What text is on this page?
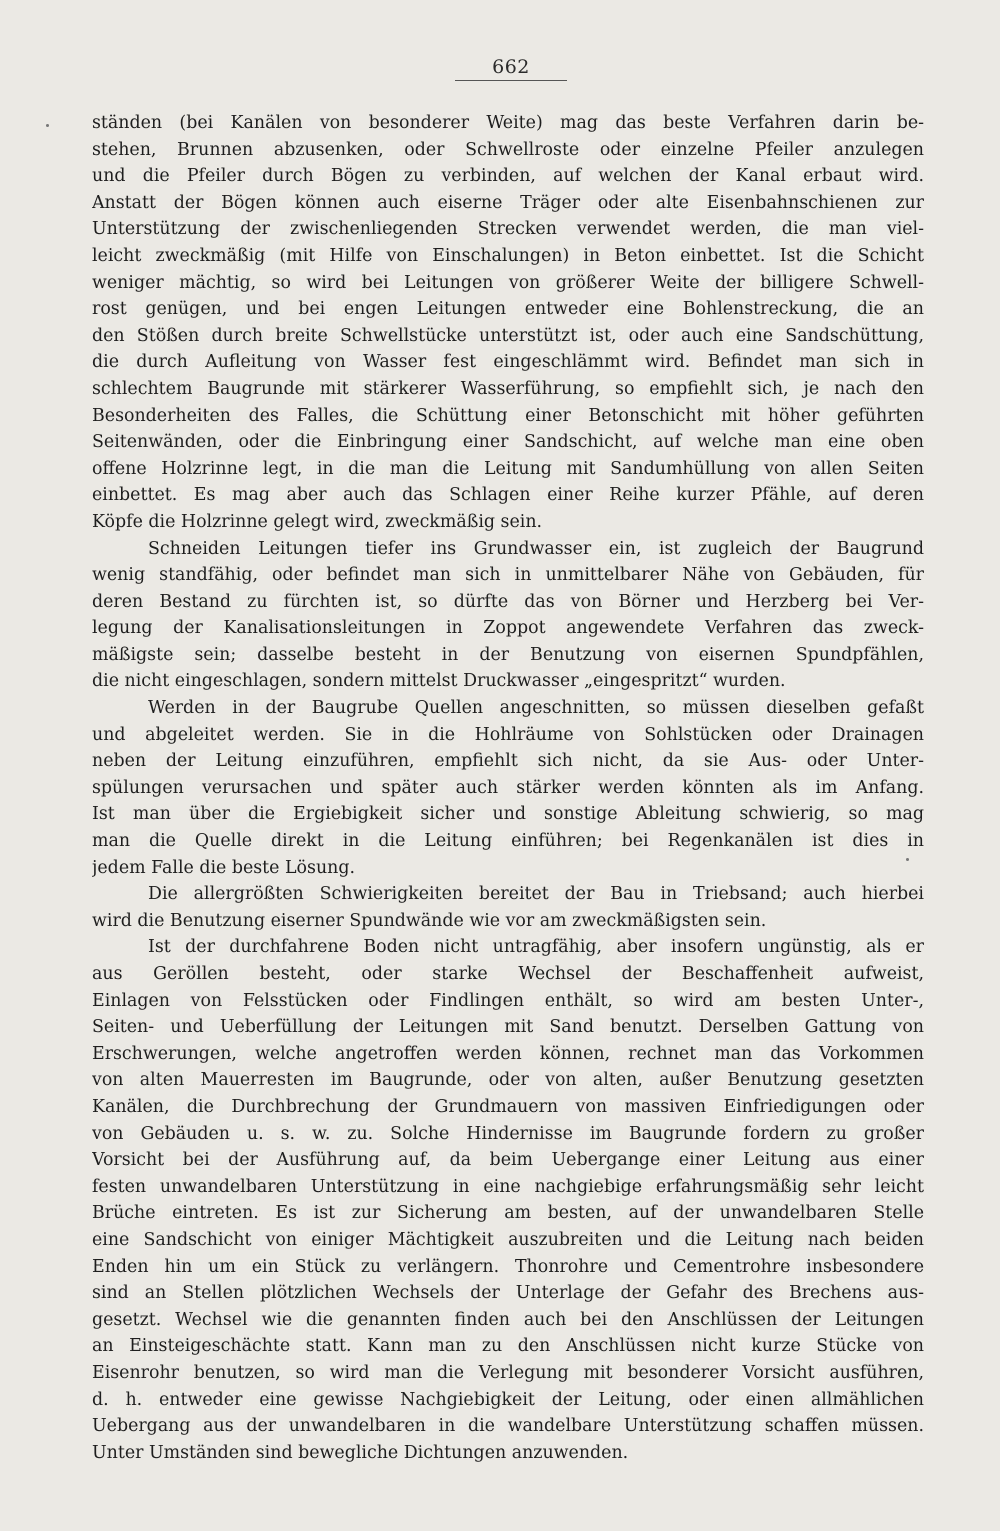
662
ständen (bei Kanälen von besonderer Weite) mag das beste Verfahren darin be-
stehen, Brunnen abzusenken, oder Schwellroste oder einzelne Pfeiler anzulegen
und die Pfeiler durch Bögen zu verbinden, auf welchen der Kanal erbaut wird.
Anstatt der Bögen können auch eiserne Träger oder alte Eisenbahnschienen zur
Unterstützung der zwischenliegenden Strecken verwendet werden, die man viel-
leicht zweckmäßig (mit Hilfe von Einschalungen) in Beton einbettet. Ist die Schicht
weniger mächtig, so wird bei Leitungen von größerer Weite der billigere Schwell-
rost genügen, und bei engen Leitungen entweder eine Bohlenstreckung, die an
den Stößen durch breite Schwellstücke unterstützt ist, oder auch eine Sandschüttung,
die durch Aufleitung von Wasser fest eingeschlämmt wird. Befindet man sich in
schlechtem Baugrunde mit stärkerer Wasserführung, so empfiehlt sich, je nach den
Besonderheiten des Falles, die Schüttung einer Betonschicht mit höher geführten
Seitenwänden, oder die Einbringung einer Sandschicht, auf welche man eine oben
offene Holzrinne legt, in die man die Leitung mit Sandumhüllung von allen Seiten
einbettet. Es mag aber auch das Schlagen einer Reihe kurzer Pfähle, auf deren
Köpfe die Holzrinne gelegt wird, zweckmäßig sein.
Schneiden Leitungen tiefer ins Grundwasser ein, ist zugleich der Baugrund
wenig standfähig, oder befindet man sich in unmittelbarer Nähe von Gebäuden, für
deren Bestand zu fürchten ist, so dürfte das von Börner und Herzberg bei Ver-
legung der Kanalisationsleitungen in Zoppot angewendete Verfahren das zweck-
mäßigste sein; dasselbe besteht in der Benutzung von eisernen Spundpfählen,
die nicht eingeschlagen, sondern mittelst Druckwasser „eingespritzt“ wurden.
Werden in der Baugrube Quellen angeschnitten, so müssen dieselben gefaßt
und abgeleitet werden. Sie in die Hohlräume von Sohlstücken oder Drainagen
neben der Leitung einzuführen, empfiehlt sich nicht, da sie Aus- oder Unter-
spülungen verursachen und später auch stärker werden könnten als im Anfang.
Ist man über die Ergiebigkeit sicher und sonstige Ableitung schwierig, so mag
man die Quelle direkt in die Leitung einführen; bei Regenkanälen ist dies in
jedem Falle die beste Lösung.
Die allergrößten Schwierigkeiten bereitet der Bau in Triebsand; auch hierbei
wird die Benutzung eiserner Spundwände wie vor am zweckmäßigsten sein.
Ist der durchfahrene Boden nicht untragfähig, aber insofern ungünstig, als er
aus Geröllen besteht, oder starke Wechsel der Beschaffenheit aufweist,
Einlagen von Felsstücken oder Findlingen enthält, so wird am besten Unter-,
Seiten- und Ueberfüllung der Leitungen mit Sand benutzt. Derselben Gattung von
Erschwerungen, welche angetroffen werden können, rechnet man das Vorkommen
von alten Mauerresten im Baugrunde, oder von alten, außer Benutzung gesetzten
Kanälen, die Durchbrechung der Grundmauern von massiven Einfriedigungen oder
von Gebäuden u. s. w. zu. Solche Hindernisse im Baugrunde fordern zu großer
Vorsicht bei der Ausführung auf, da beim Uebergange einer Leitung aus einer
festen unwandelbaren Unterstützung in eine nachgiebige erfahrungsmäßig sehr leicht
Brüche eintreten. Es ist zur Sicherung am besten, auf der unwandelbaren Stelle
eine Sandschicht von einiger Mächtigkeit auszubreiten und die Leitung nach beiden
Enden hin um ein Stück zu verlängern. Thonrohre und Cementrohre insbesondere
sind an Stellen plötzlichen Wechsels der Unterlage der Gefahr des Brechens aus-
gesetzt. Wechsel wie die genannten finden auch bei den Anschlüssen der Leitungen
an Einsteigeschächte statt. Kann man zu den Anschlüssen nicht kurze Stücke von
Eisenrohr benutzen, so wird man die Verlegung mit besonderer Vorsicht ausführen,
d. h. entweder eine gewisse Nachgiebigkeit der Leitung, oder einen allmählichen
Uebergang aus der unwandelbaren in die wandelbare Unterstützung schaffen müssen.
Unter Umständen sind bewegliche Dichtungen anzuwenden.
